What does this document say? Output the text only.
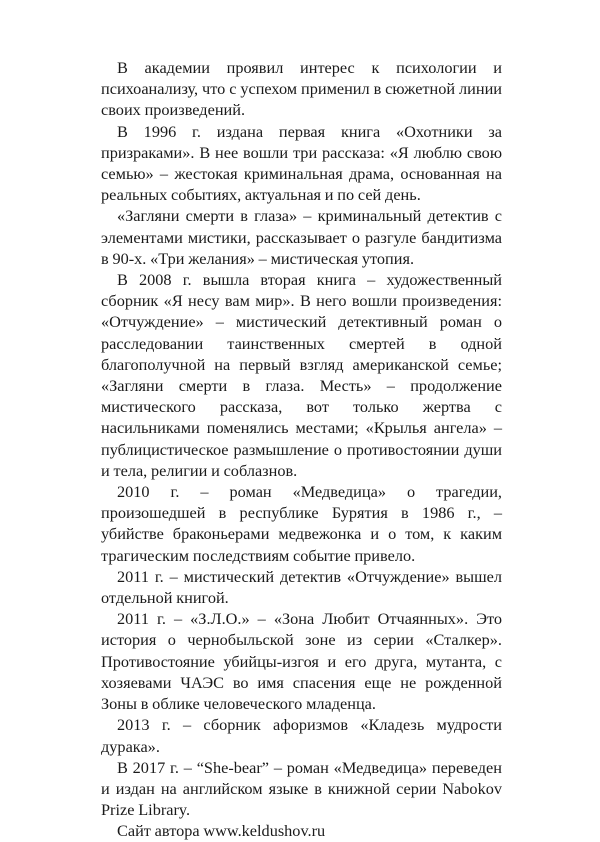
В академии проявил интерес к психологии и психоанализу, что с успехом применил в сюжетной линии своих произведений.

В 1996 г. издана первая книга «Охотники за призраками». В нее вошли три рассказа: «Я люблю свою семью» – жестокая криминальная драма, основанная на реальных событиях, актуальная и по сей день.

«Загляни смерти в глаза» – криминальный детектив с элементами мистики, рассказывает о разгуле бандитизма в 90-х. «Три желания» – мистическая утопия.

В 2008 г. вышла вторая книга – художественный сборник «Я несу вам мир». В него вошли произведения: «Отчуждение» – мистический детективный роман о расследовании таинственных смертей в одной благополучной на первый взгляд американской семье; «Загляни смерти в глаза. Месть» – продолжение мистического рассказа, вот только жертва с насильниками поменялись местами; «Крылья ангела» – публицистическое размышление о противостоянии души и тела, религии и соблазнов.

2010 г. – роман «Медведица» о трагедии, произошедшей в республике Бурятия в 1986 г., – убийстве браконьерами медвежонка и о том, к каким трагическим последствиям событие привело.

2011 г. – мистический детектив «Отчуждение» вышел отдельной книгой.

2011 г. – «З.Л.О.» – «Зона Любит Отчаянных». Это история о чернобыльской зоне из серии «Сталкер». Противостояние убийцы-изгоя и его друга, мутанта, с хозяевами ЧАЭС во имя спасения еще не рожденной Зоны в облике человеческого младенца.

2013 г. – сборник афоризмов «Кладезь мудрости дурака».

В 2017 г. – “She-bear” – роман «Медведица» переведен и издан на английском языке в книжной серии Nabokov Prize Library.

Сайт автора www.keldushov.ru
